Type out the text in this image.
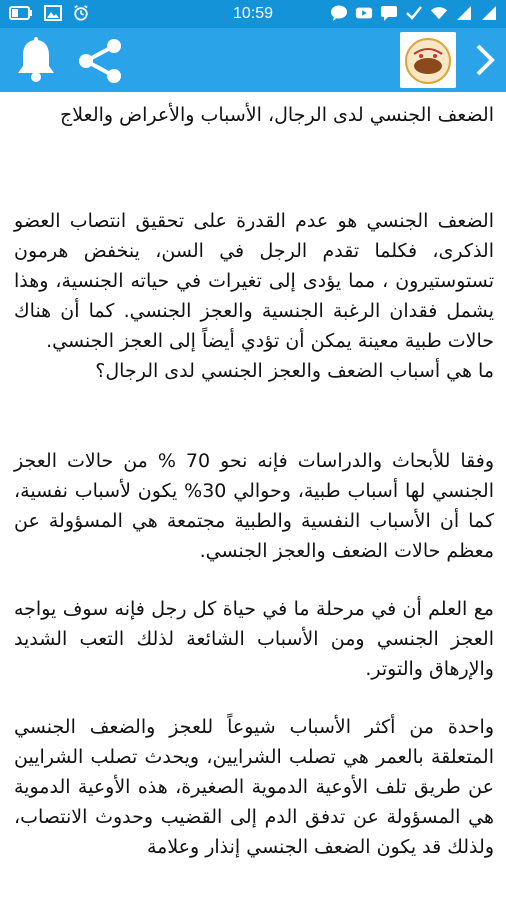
10:59
الضعف الجنسي لدى الرجال، الأسباب والأعراض والعلاج

الضعف الجنسي هو عدم القدرة على تحقيق انتصاب العضو الذكرى، فكلما تقدم الرجل في السن، ينخفض هرمون تستوستيرون ، مما يؤدى إلى تغيرات في حياته الجنسية، وهذا يشمل فقدان الرغبة الجنسية والعجز الجنسي. كما أن هناك حالات طبية معينة يمكن أن تؤدي أيضاً إلى العجز الجنسي.

ما هي أسباب الضعف والعجز الجنسي لدى الرجال؟

وفقا للأبحاث والدراسات فإنه نحو 70 % من حالات العجز الجنسي لها أسباب طبية، وحوالي 30% يكون لأسباب نفسية، كما أن الأسباب النفسية والطبية مجتمعة هي المسؤولة عن معظم حالات الضعف والعجز الجنسي.

مع العلم أن في مرحلة ما في حياة كل رجل فإنه سوف يواجه العجز الجنسي ومن الأسباب الشائعة لذلك التعب الشديد والإرهاق والتوتر.

واحدة من أكثر الأسباب شيوعاً للعجز والضعف الجنسي المتعلقة بالعمر هي تصلب الشرايين، ويحدث تصلب الشرايين عن طريق تلف الأوعية الدموية الصغيرة، هذه الأوعية الدموية هي المسؤولة عن تدفق الدم إلى القضيب وحدوث الانتصاب، ولذلك قد يكون الضعف الجنسي إنذار وعلامة
